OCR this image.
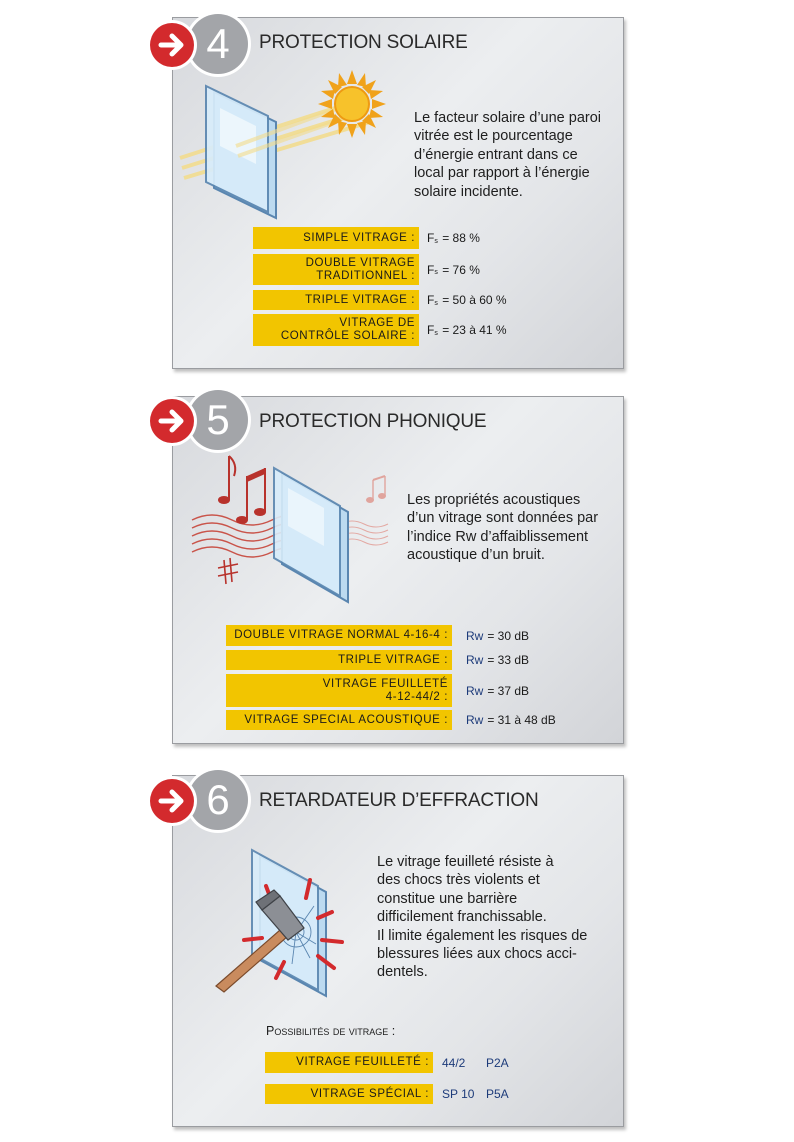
PROTECTION SOLAIRE
4
Le facteur solaire d’une paroi
vitrée est le pourcentage
d’énergie entrant dans ce
local par rapport à l’énergie
solaire incidente.
SIMPLE VITRAGE : F s
= 88 %
DOUBLE VITRAGE
TRADITIONNEL : F s
= 76 %
TRIPLE VITRAGE : F s
= 50 à 60 %
VITRAGE DE
CONTRÔLE SOLAIRE : F s
= 23 à 41 %
PROTECTION PHONIQUE
5
Les propriétés acoustiques
d’un vitrage sont données par
l’indice Rw d’affaiblissement
acoustique d’un bruit.
DOUBLE VITRAGE NORMAL 4-16-4 : Rw = 30 dB
TRIPLE VITRAGE : Rw = 33 dB
VITRAGE FEUILLETÉ
4-12-44/2 : Rw = 37 dB
VITRAGE SPECIAL ACOUSTIQUE : Rw = 31 à 48 dB
RETARDATEUR D’EFFRACTION
6
Le vitrage feuilleté résiste à
des chocs très violents et
constitue une barrière
difficilement franchissable.
Il limite également les risques de
blessures liées aux chocs acci-
dentels.
Possibilités de vitrage :
VITRAGE FEUILLETÉ : 44/2	P2A
VITRAGE SPÉCIAL : SP 10 P5A
